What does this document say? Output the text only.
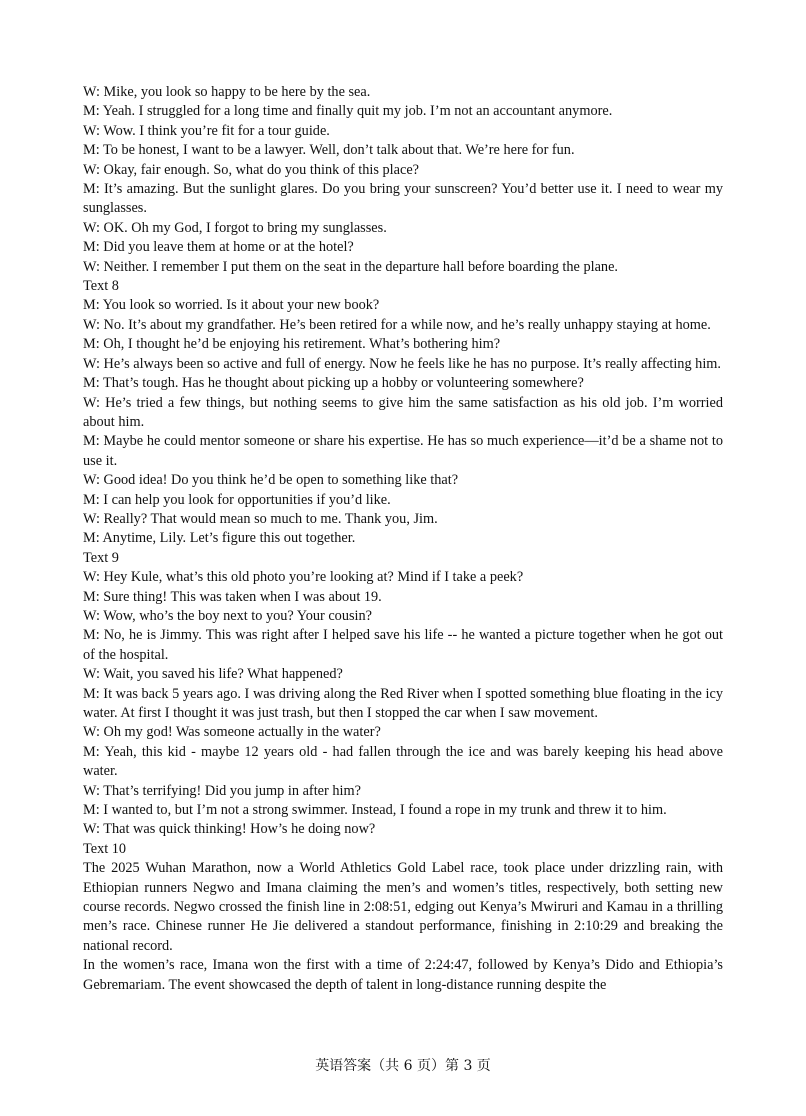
W: Mike, you look so happy to be here by the sea.

M: Yeah. I struggled for a long time and finally quit my job. I’m not an accountant anymore.

W: Wow. I think you’re fit for a tour guide.

M: To be honest, I want to be a lawyer. Well, don’t talk about that. We’re here for fun.

W: Okay, fair enough. So, what do you think of this place?

M: It’s amazing. But the sunlight glares. Do you bring your sunscreen? You’d better use it. I need to wear my sunglasses.

W: OK. Oh my God, I forgot to bring my sunglasses.

M: Did you leave them at home or at the hotel?

W: Neither. I remember I put them on the seat in the departure hall before boarding the plane.

Text 8

M: You look so worried. Is it about your new book?

W: No. It’s about my grandfather. He’s been retired for a while now, and he’s really unhappy staying at home.

M: Oh, I thought he’d be enjoying his retirement. What’s bothering him?

W: He’s always been so active and full of energy. Now he feels like he has no purpose. It’s really affecting him.

M: That’s tough. Has he thought about picking up a hobby or volunteering somewhere?

W: He’s tried a few things, but nothing seems to give him the same satisfaction as his old job. I’m worried about him.

M: Maybe he could mentor someone or share his expertise. He has so much experience—it’d be a shame not to use it.

W: Good idea! Do you think he’d be open to something like that?

M: I can help you look for opportunities if you’d like.

W: Really? That would mean so much to me. Thank you, Jim.

M: Anytime, Lily. Let’s figure this out together.

Text 9

W: Hey Kule, what’s this old photo you’re looking at? Mind if I take a peek?

M: Sure thing! This was taken when I was about 19.

W: Wow, who’s the boy next to you? Your cousin?

M: No, he is Jimmy. This was right after I helped save his life -- he wanted a picture together when he got out of the hospital.

W: Wait, you saved his life? What happened?

M: It was back 5 years ago. I was driving along the Red River when I spotted something blue floating in the icy water. At first I thought it was just trash, but then I stopped the car when I saw movement.

W: Oh my god! Was someone actually in the water?

M: Yeah, this kid - maybe 12 years old - had fallen through the ice and was barely keeping his head above water.

W: That’s terrifying! Did you jump in after him?

M: I wanted to, but I’m not a strong swimmer. Instead, I found a rope in my trunk and threw it to him.

W: That was quick thinking! How’s he doing now?

Text 10

The 2025 Wuhan Marathon, now a World Athletics Gold Label race, took place under drizzling rain, with Ethiopian runners Negwo and Imana claiming the men’s and women’s titles, respectively, both setting new course records. Negwo crossed the finish line in 2:08:51, edging out Kenya’s Mwiruri and Kamau in a thrilling men’s race. Chinese runner He Jie delivered a standout performance, finishing in 2:10:29 and breaking the national record.

In the women’s race, Imana won the first with a time of 2:24:47, followed by Kenya’s Dido and Ethiopia’s Gebremariam. The event showcased the depth of talent in long-distance running despite the

英语答案（共 6 页）第 3 页
